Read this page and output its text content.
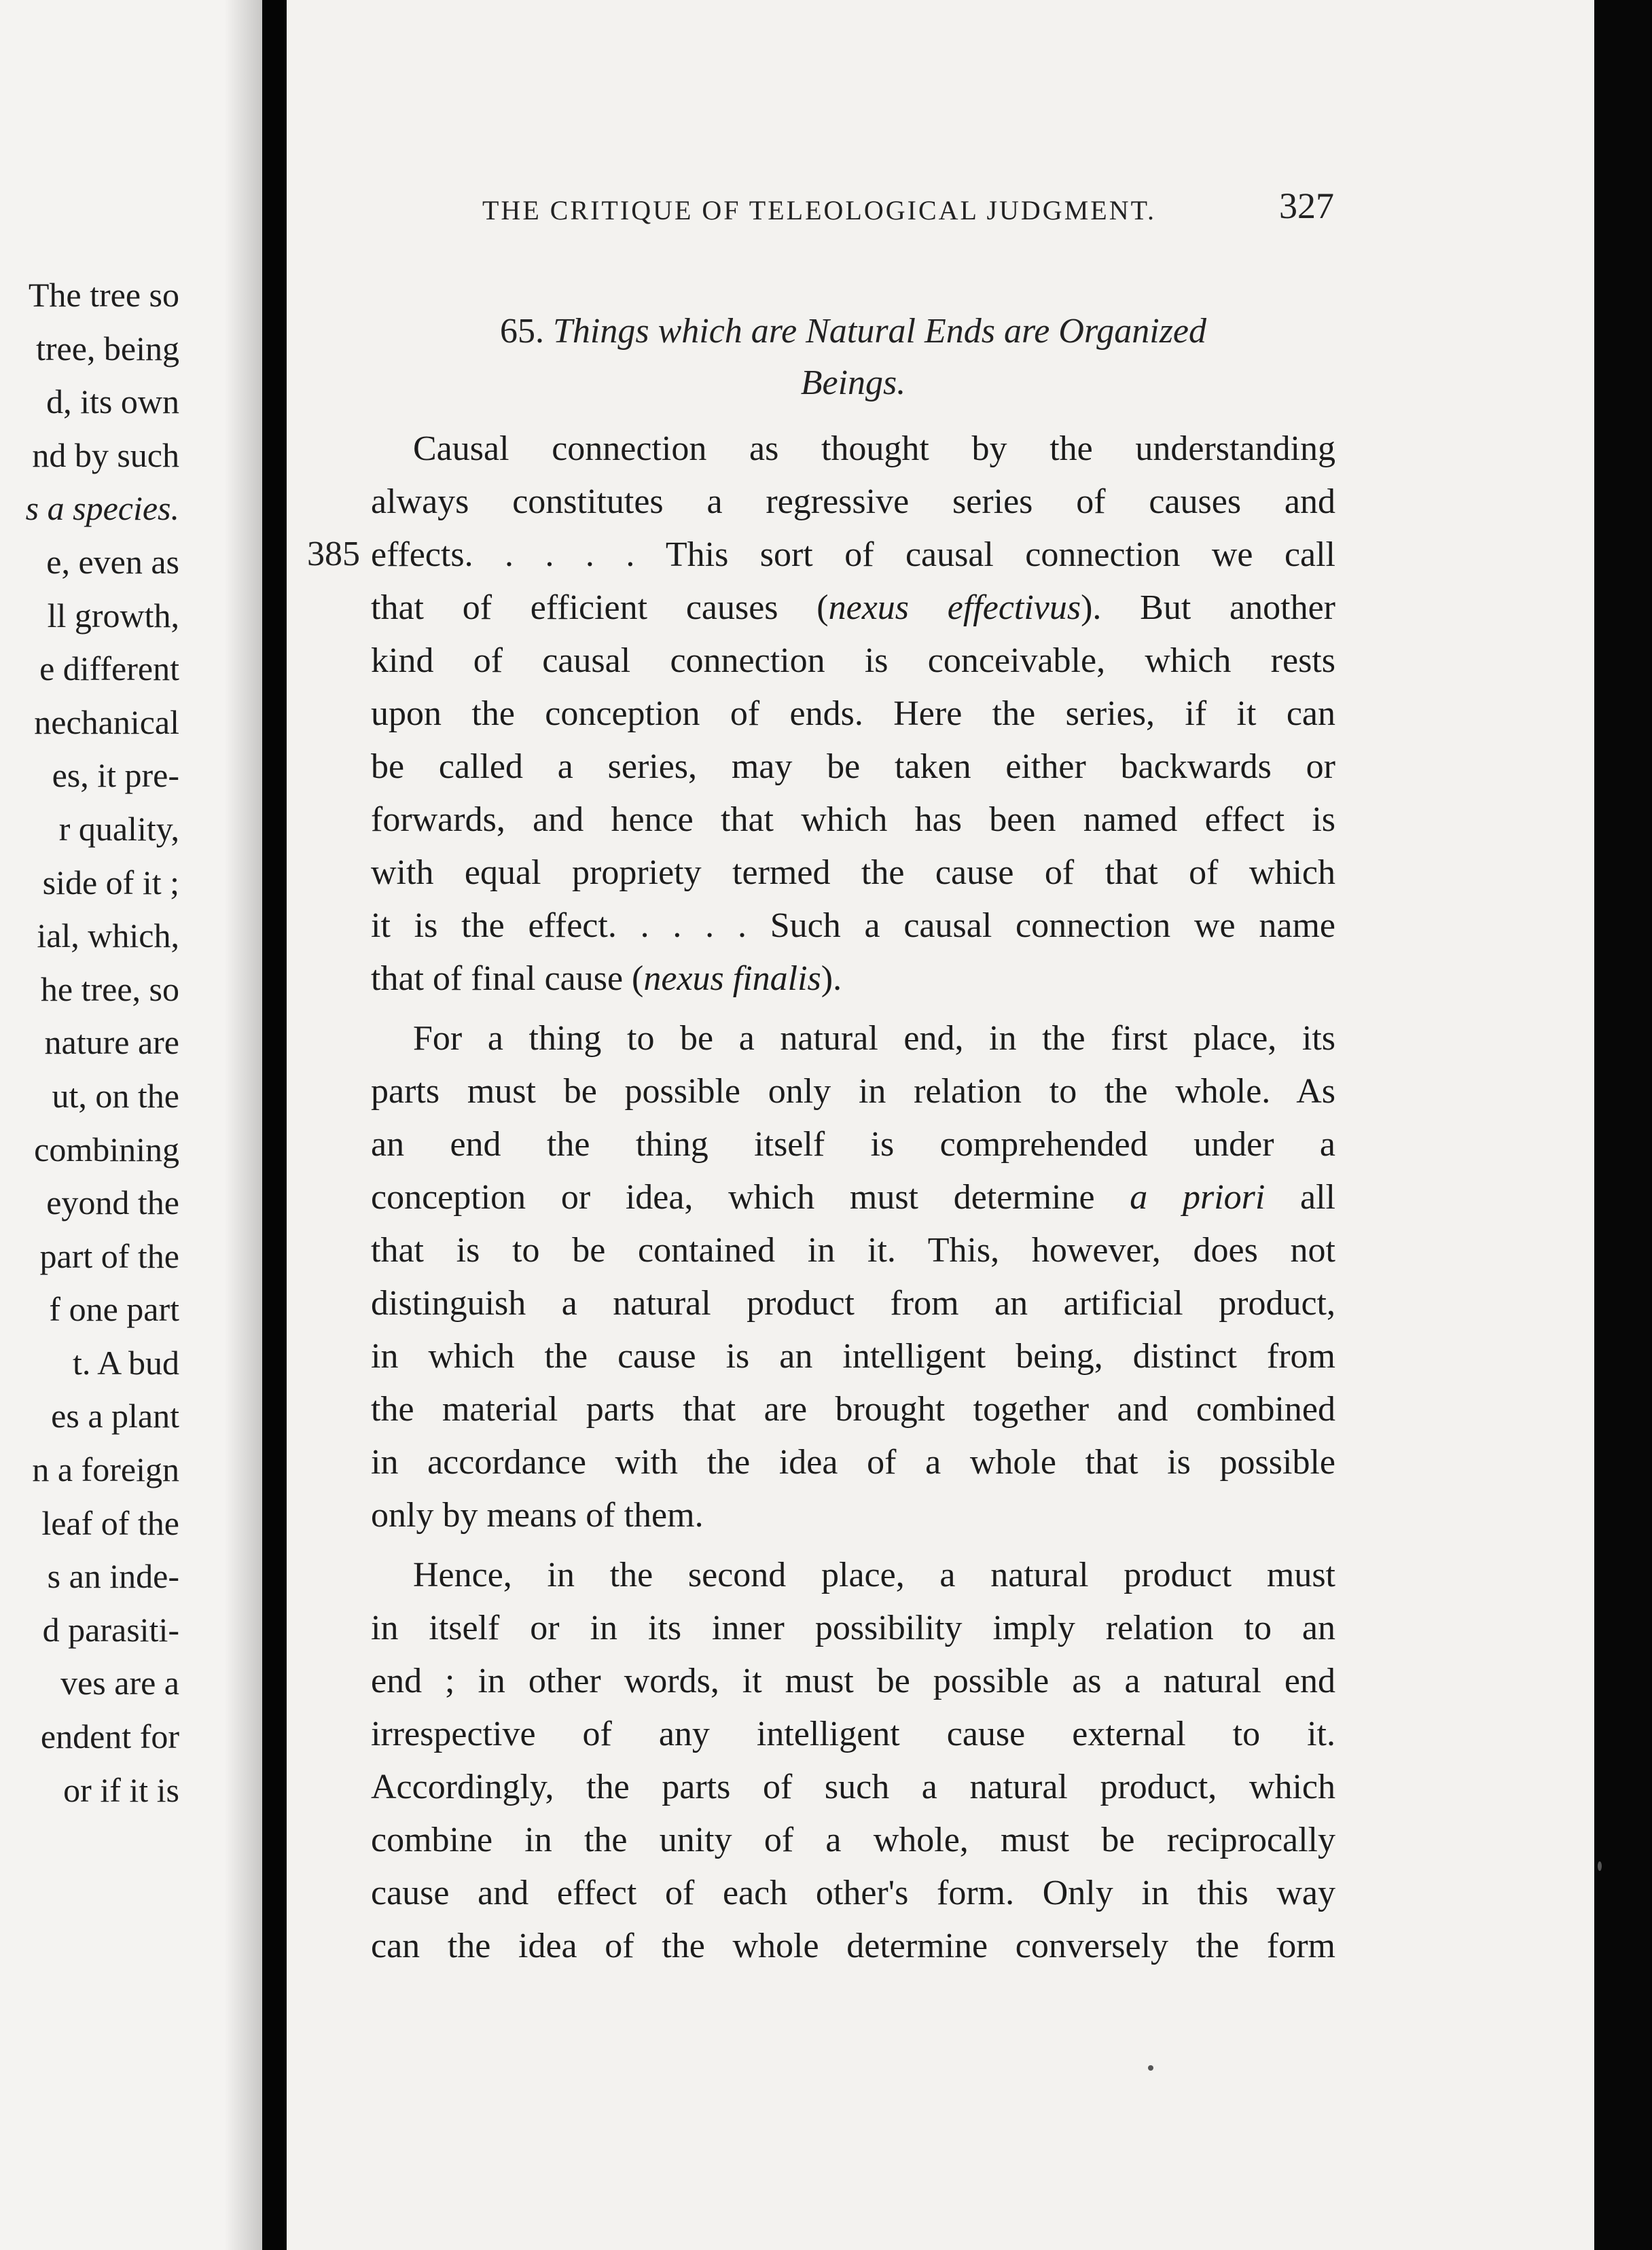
The tree so
tree, being
d, its own
nd by such
s a species.
e, even as
ll growth,
e different
nechanical
es, it pre-
r quality,
side of it ;
ial, which,
he tree, so
nature are
ut, on the
combining
eyond the
part of the
f one part
t. A bud
es a plant
n a foreign
leaf of the
s an inde-
d parasiti-
ves are a
endent for
or if it is
THE CRITIQUE OF TELEOLOGICAL JUDGMENT.	327
65. Things which are Natural Ends are Organized
Beings.
385
Causal connection as thought by the understanding
always constitutes a regressive series of causes and
effects. . . . . This sort of causal connection we call
that of efficient causes (nexus effectivus). But another
kind of causal connection is conceivable, which rests
upon the conception of ends. Here the series, if it can
be called a series, may be taken either backwards or
forwards, and hence that which has been named effect is
with equal propriety termed the cause of that of which
it is the effect. . . . . Such a causal connection we name
that of final cause (nexus finalis).
For a thing to be a natural end, in the first place, its
parts must be possible only in relation to the whole. As
an end the thing itself is comprehended under a
conception or idea, which must determine a priori all
that is to be contained in it. This, however, does not
distinguish a natural product from an artificial product,
in which the cause is an intelligent being, distinct from
the material parts that are brought together and combined
in accordance with the idea of a whole that is possible
only by means of them.
Hence, in the second place, a natural product must
in itself or in its inner possibility imply relation to an
end ; in other words, it must be possible as a natural end
irrespective of any intelligent cause external to it.
Accordingly, the parts of such a natural product, which
combine in the unity of a whole, must be reciprocally
cause and effect of each other's form. Only in this way
can the idea of the whole determine conversely the form
